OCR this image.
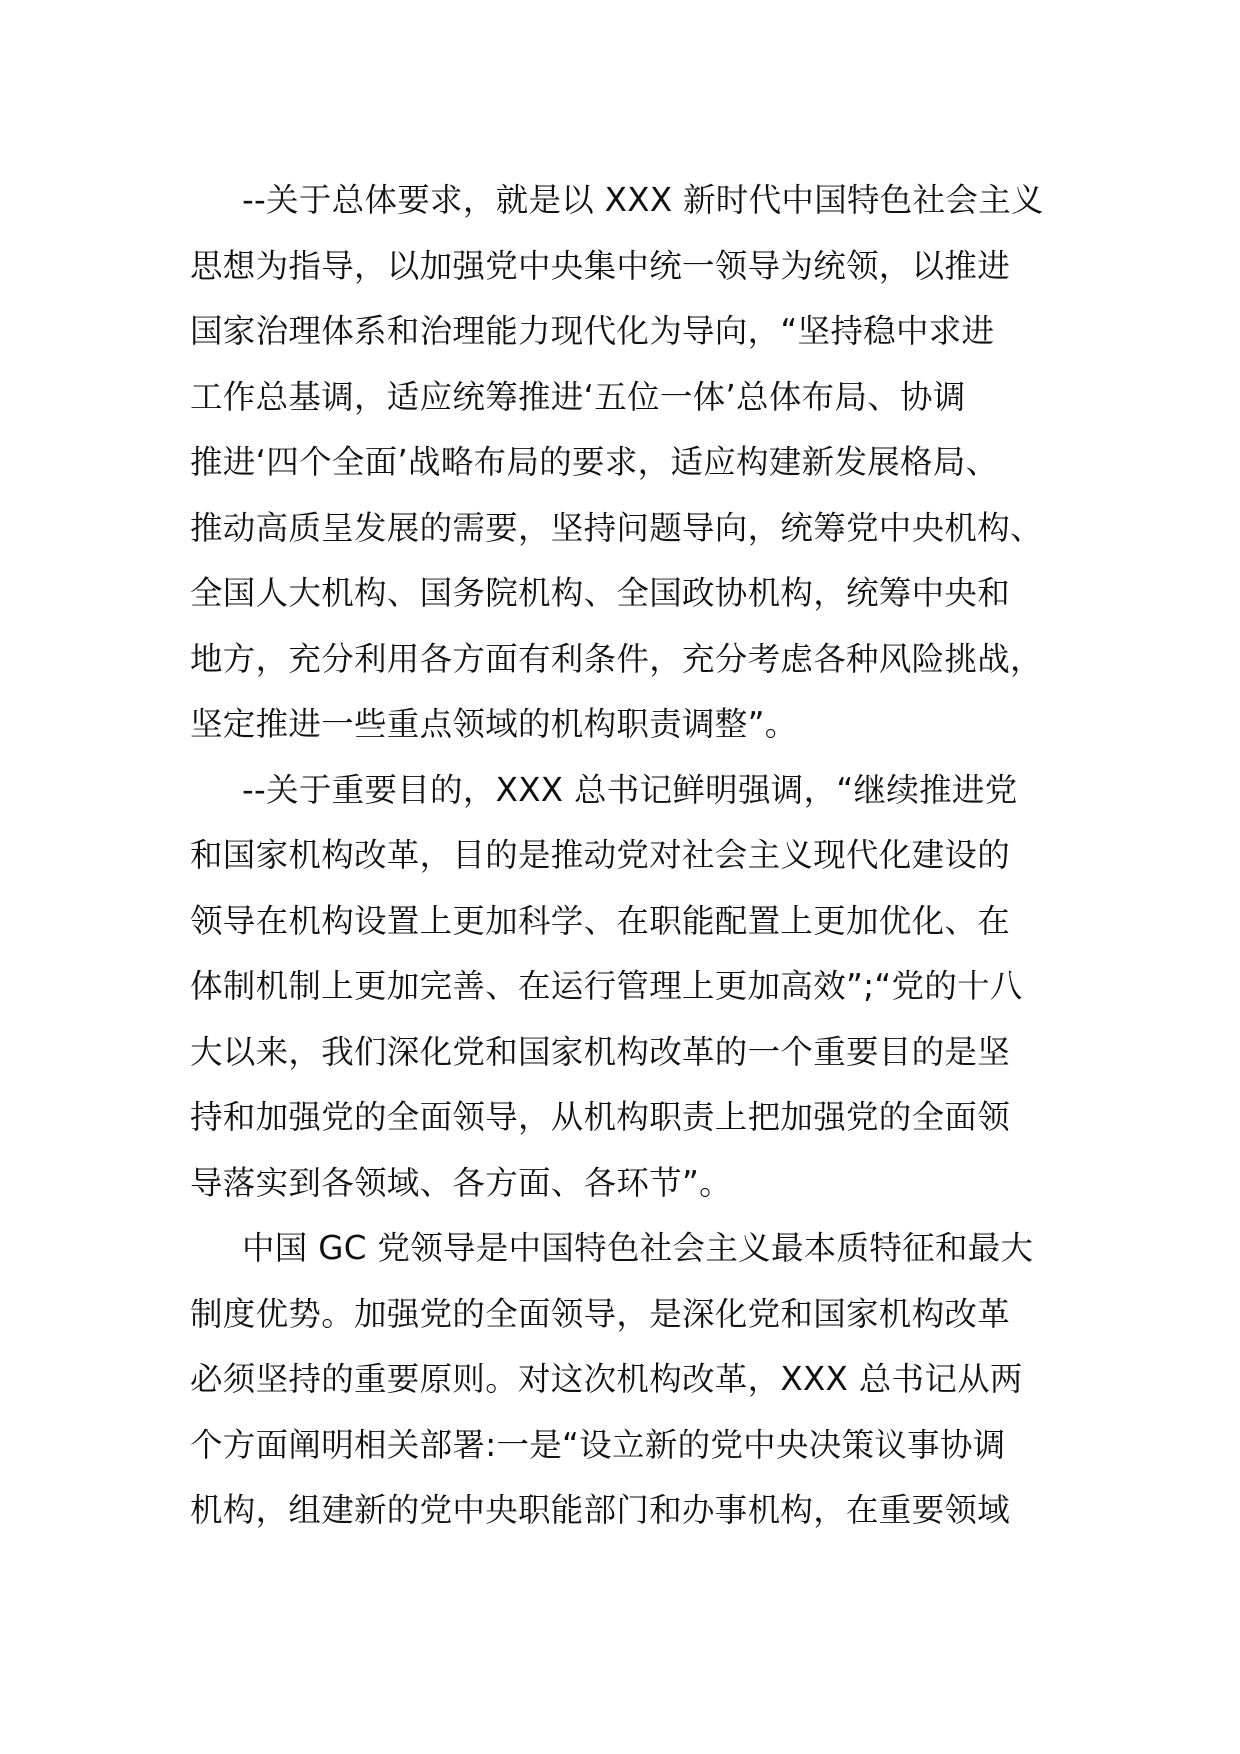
--关于总体要求，就是以 XXX 新时代中国特色社会主义
思想为指导，以加强党中央集中统一领导为统领，以推进
国家治理体系和治理能力现代化为导向，“坚持稳中求进
工作总基调，适应统筹推进‘五位一体’总体布局、协调
推进‘四个全面’战略布局的要求，适应构建新发展格局、
推动高质呈发展的需要，坚持问题导向，统筹党中央机构、
全国人大机构、国务院机构、全国政协机构，统筹中央和
地方，充分利用各方面有利条件，充分考虑各种风险挑战，
坚定推进一些重点领域的机构职责调整”。
--关于重要目的，XXX 总书记鲜明强调，“继续推进党
和国家机构改革，目的是推动党对社会主义现代化建设的
领导在机构设置上更加科学、在职能配置上更加优化、在
体制机制上更加完善、在运行管理上更加高效”;“党的十八
大以来，我们深化党和国家机构改革的一个重要目的是坚
持和加强党的全面领导，从机构职责上把加强党的全面领
导落实到各领域、各方面、各环节”。
中国 GC 党领导是中国特色社会主义最本质特征和最大
制度优势。加强党的全面领导，是深化党和国家机构改革
必须坚持的重要原则。对这次机构改革，XXX 总书记从两
个方面阐明相关部署:一是“设立新的党中央决策议事协调
机构，组建新的党中央职能部门和办事机构，在重要领域
